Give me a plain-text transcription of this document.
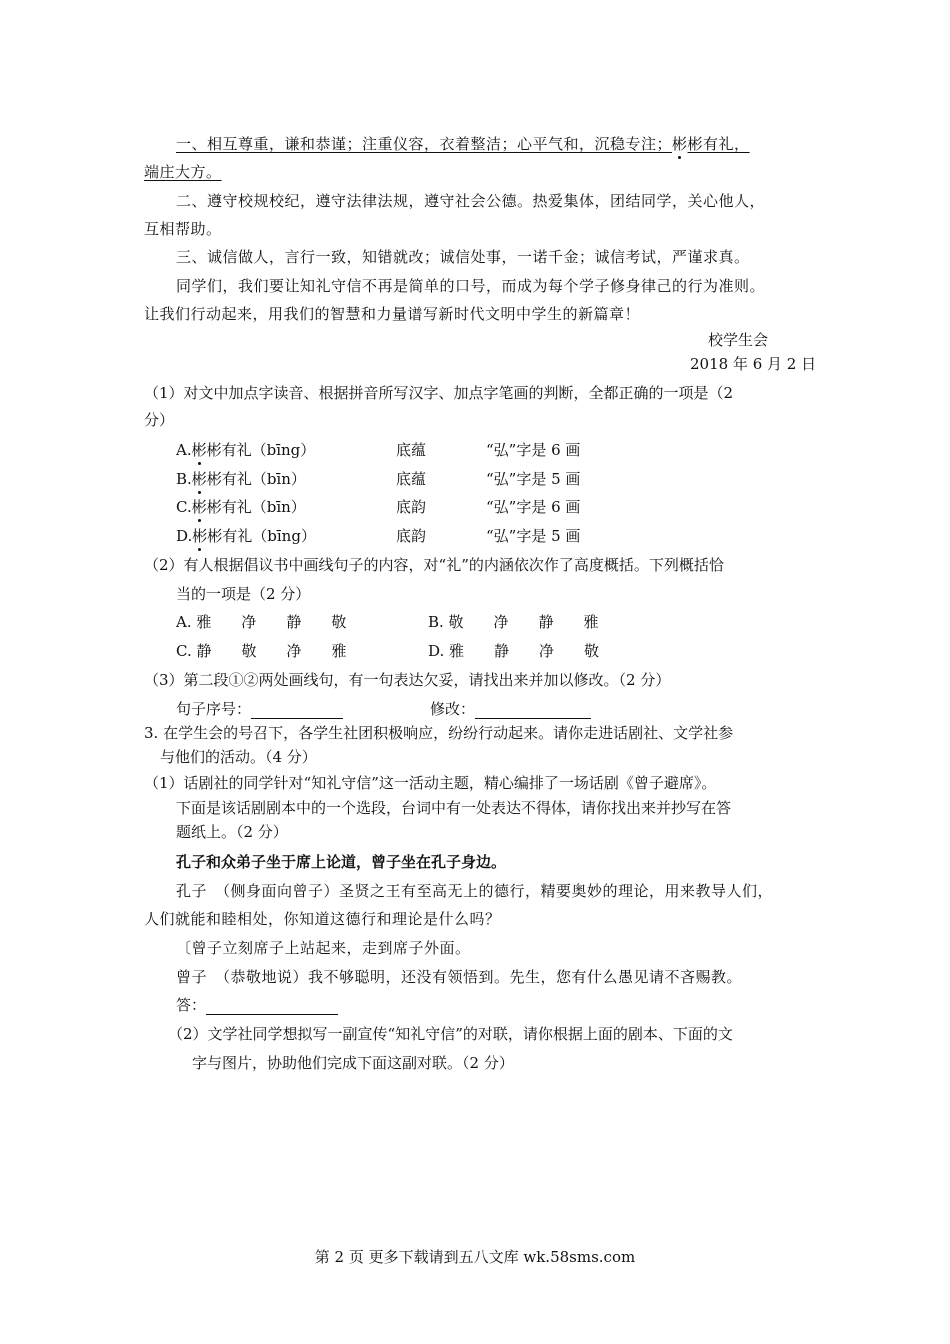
一、相互尊重，谦和恭谨；注重仪容，衣着整洁；心平气和，沉稳专注；彬彬有礼，
端庄大方。
二、遵守校规校纪，遵守法律法规，遵守社会公德。热爱集体，团结同学，关心他人，
互相帮助。
三、诚信做人，言行一致，知错就改；诚信处事，一诺千金；诚信考试，严谨求真。
同学们，我们要让知礼守信不再是简单的口号，而成为每个学子修身律己的行为准则。
让我们行动起来，用我们的智慧和力量谱写新时代文明中学生的新篇章！
校学生会
2018 年 6 月 2 日
（1）对文中加点字读音、根据拼音所写汉字、加点字笔画的判断，全都正确的一项是（2
分）
A.彬彬有礼（bīng）	底蕴	“弘”字是 6 画
B.彬彬有礼（bīn）	底蕴	“弘”字是 5 画
C.彬彬有礼（bīn）	底韵	“弘”字是 6 画
D.彬彬有礼（bīng）	底韵	“弘”字是 5 画
（2）有人根据倡议书中画线句子的内容，对“礼”的内涵依次作了高度概括。下列概括恰
当的一项是（2 分）
A. 雅　　净　　静　　敬	B. 敬　　净　　静　　雅
C. 静　　敬　　净　　雅	D. 雅　　静　　净　　敬
（3）第二段①②两处画线句，有一句表达欠妥，请找出来并加以修改。（2 分）
句子序号：	修改：
3. 在学生会的号召下，各学生社团积极响应，纷纷行动起来。请你走进话剧社、文学社参
与他们的活动。（4 分）
（1）话剧社的同学针对“知礼守信”这一活动主题，精心编排了一场话剧《曾子避席》。
下面是该话剧剧本中的一个选段，台词中有一处表达不得体，请你找出来并抄写在答
题纸上。（2 分）
孔子和众弟子坐于席上论道，曾子坐在孔子身边。
孔子　（侧身面向曾子）圣贤之王有至高无上的德行，精要奥妙的理论，用来教导人们，
人们就能和睦相处，你知道这德行和理论是什么吗？
〔曾子立刻席子上站起来，走到席子外面。
曾子　（恭敬地说）我不够聪明，还没有领悟到。先生，您有什么愚见请不吝赐教。
答：
（2）文学社同学想拟写一副宣传“知礼守信”的对联，请你根据上面的剧本、下面的文
字与图片，协助他们完成下面这副对联。（2 分）
第 2 页 更多下载请到五八文库 wk.58sms.com
